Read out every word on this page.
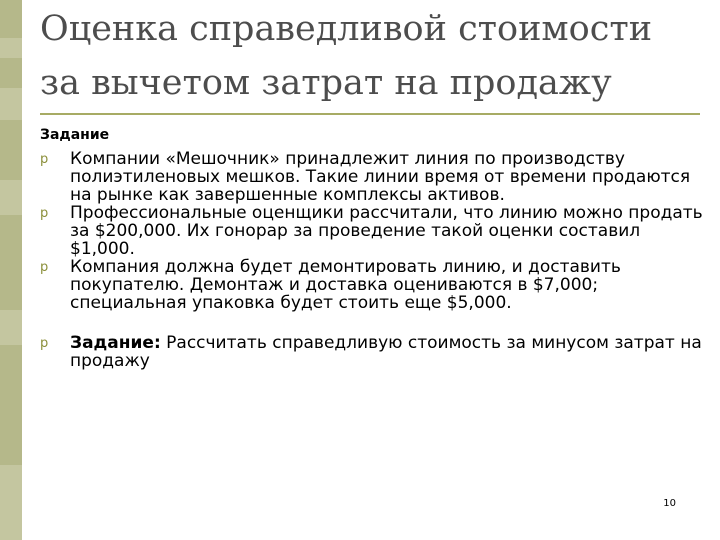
Оценка справедливой стоимости
за вычетом затрат на продажу
Задание
p Компании «Мешочник» принадлежит линия по производству полиэтиленовых мешков. Такие линии время от времени продаются на рынке как завершенные комплексы активов.
p Профессиональные оценщики рассчитали, что линию можно продать за $200,000. Их гонорар за проведение такой оценки составил $1,000.
p Компания должна будет демонтировать линию, и доставить покупателю. Демонтаж и доставка оцениваются в $7,000; специальная упаковка будет стоить еще $5,000.
p Задание: Рассчитать справедливую стоимость за минусом затрат на продажу
10
